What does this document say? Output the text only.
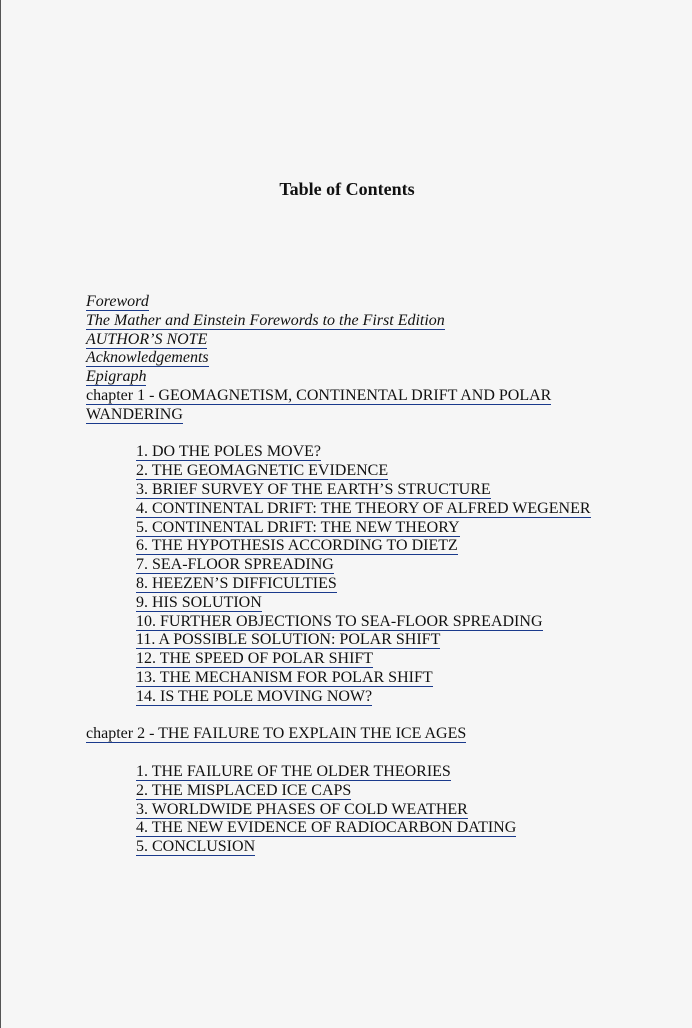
Table of Contents

Foreword

The Mather and Einstein Forewords to the First Edition

AUTHOR’S NOTE

Acknowledgements

Epigraph

chapter 1 - GEOMAGNETISM, CONTINENTAL DRIFT AND POLAR WANDERING

1. DO THE POLES MOVE?
2. THE GEOMAGNETIC EVIDENCE
3. BRIEF SURVEY OF THE EARTH’S STRUCTURE
4. CONTINENTAL DRIFT: THE THEORY OF ALFRED WEGENER
5. CONTINENTAL DRIFT: THE NEW THEORY
6. THE HYPOTHESIS ACCORDING TO DIETZ
7. SEA-FLOOR SPREADING
8. HEEZEN’S DIFFICULTIES
9. HIS SOLUTION
10. FURTHER OBJECTIONS TO SEA-FLOOR SPREADING
11. A POSSIBLE SOLUTION: POLAR SHIFT
12. THE SPEED OF POLAR SHIFT
13. THE MECHANISM FOR POLAR SHIFT
14. IS THE POLE MOVING NOW?

chapter 2 - THE FAILURE TO EXPLAIN THE ICE AGES

1. THE FAILURE OF THE OLDER THEORIES
2. THE MISPLACED ICE CAPS
3. WORLDWIDE PHASES OF COLD WEATHER
4. THE NEW EVIDENCE OF RADIOCARBON DATING
5. CONCLUSION
